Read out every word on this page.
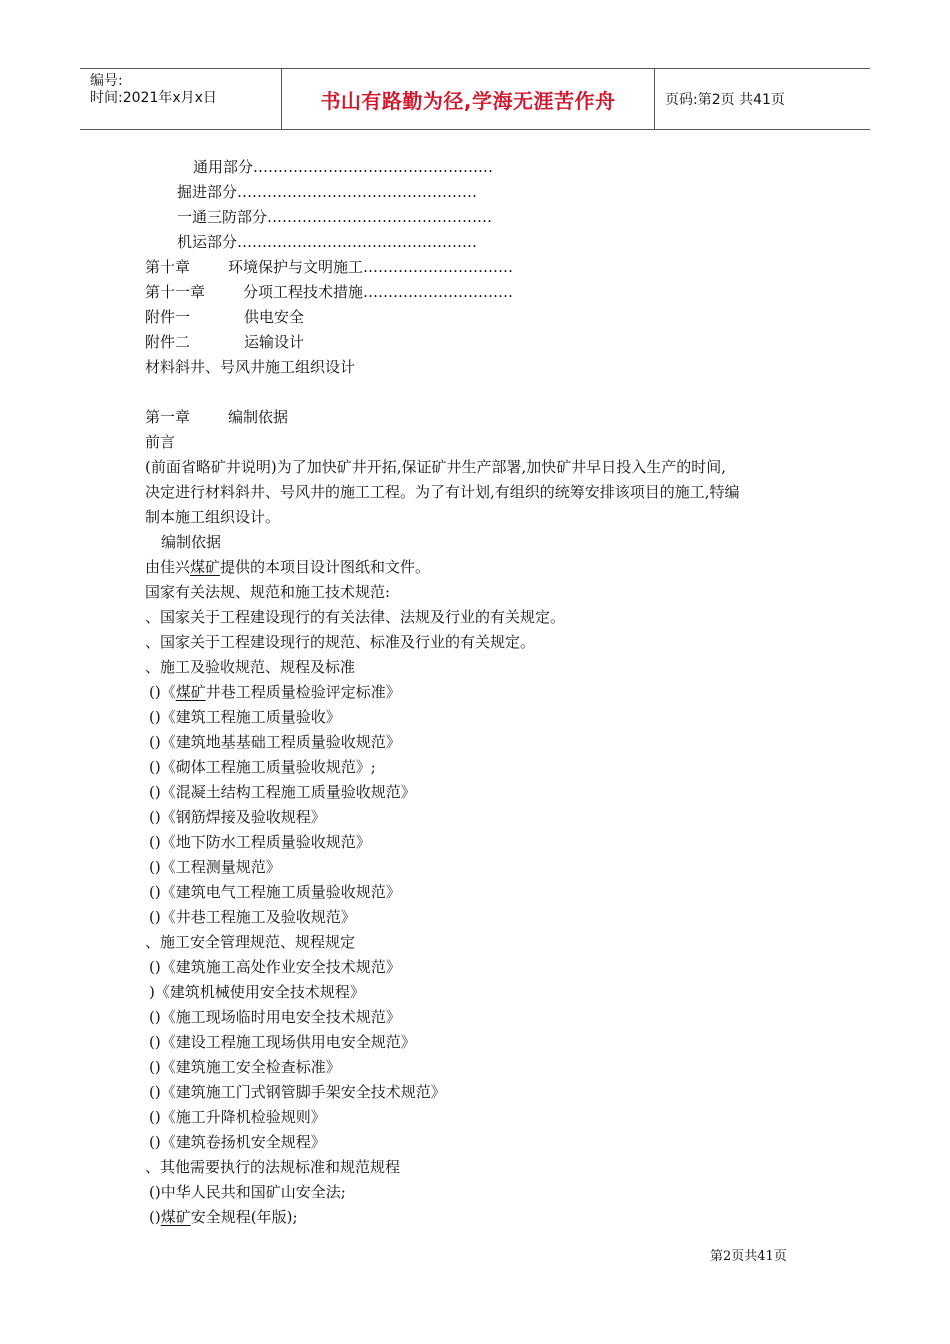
编号:
时间:2021年x月x日	书山有路勤为径,学海无涯苦作舟	页码:第2页 共41页
通用部分…………………………………………
掘进部分…………………………………………
一通三防部分………………………………………
机运部分…………………………………………
第十章	环境保护与文明施工…………………………
第十一章	分项工程技术措施…………………………
附件一	供电安全
附件二	运输设计
材料斜井、号风井施工组织设计
第一章	编制依据
前言
(前面省略矿井说明)为了加快矿井开拓,保证矿井生产部署,加快矿井早日投入生产的时间,
决定进行材料斜井、号风井的施工工程。为了有计划,有组织的统筹安排该项目的施工,特编
制本施工组织设计。
编制依据
由佳兴煤矿提供的本项目设计图纸和文件。
国家有关法规、规范和施工技术规范:
、国家关于工程建设现行的有关法律、法规及行业的有关规定。
、国家关于工程建设现行的规范、标准及行业的有关规定。
、施工及验收规范、规程及标准
()《煤矿井巷工程质量检验评定标准》
()《建筑工程施工质量验收》
()《建筑地基基础工程质量验收规范》
()《砌体工程施工质量验收规范》;
()《混凝土结构工程施工质量验收规范》
()《钢筋焊接及验收规程》
()《地下防水工程质量验收规范》
()《工程测量规范》
()《建筑电气工程施工质量验收规范》
()《井巷工程施工及验收规范》
、施工安全管理规范、规程规定
()《建筑施工高处作业安全技术规范》
)《建筑机械使用安全技术规程》
()《施工现场临时用电安全技术规范》
()《建设工程施工现场供用电安全规范》
()《建筑施工安全检查标准》
()《建筑施工门式钢管脚手架安全技术规范》
()《施工升降机检验规则》
()《建筑卷扬机安全规程》
、其他需要执行的法规标准和规范规程
()中华人民共和国矿山安全法;
()煤矿安全规程(年版);
第2页共41页
